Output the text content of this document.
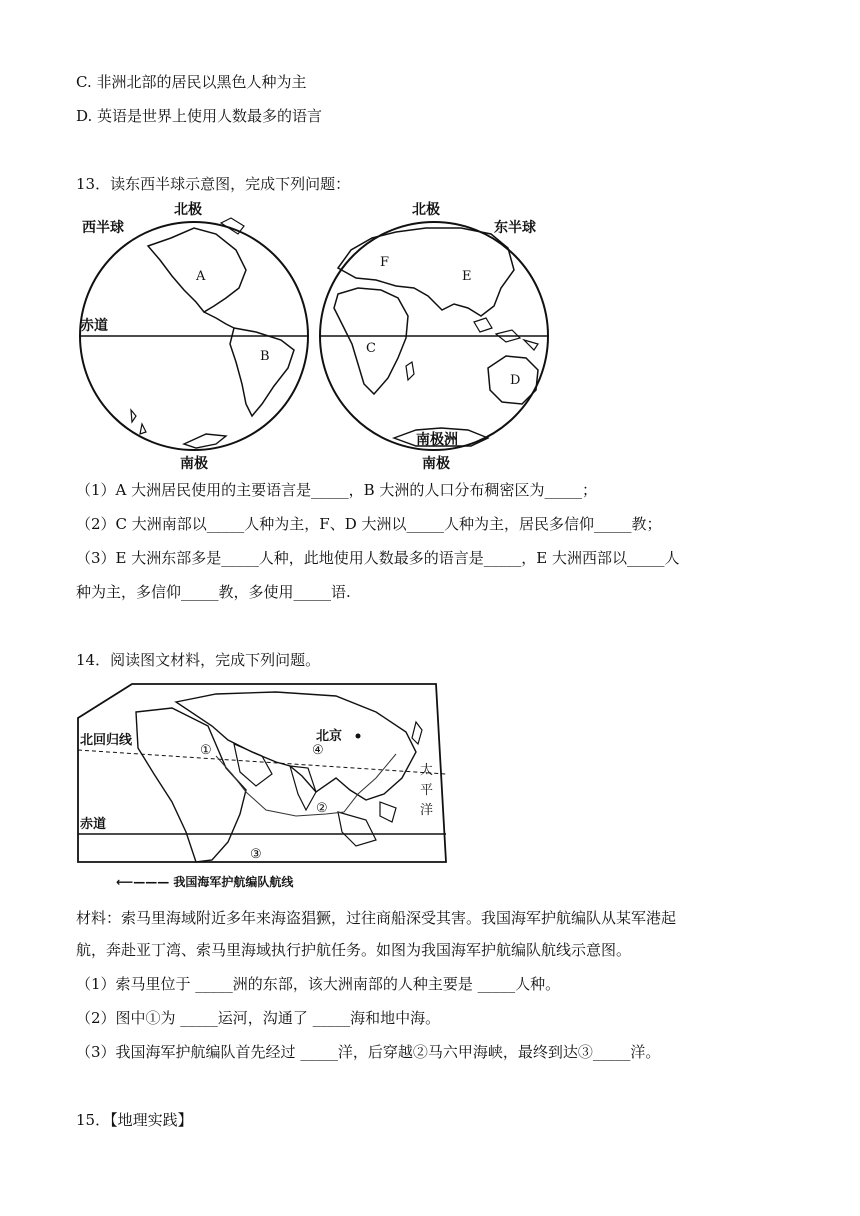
C. 非洲北部的居民以黑色人种为主
D. 英语是世界上使用人数最多的语言
13．读东西半球示意图，完成下列问题：
西半球
北极
南极
赤道
北极
东半球
南极
南极洲
A
B
C
D
E
F
（1）A 大洲居民使用的主要语言是_____，B 大洲的人口分布稠密区为_____；
（2）C 大洲南部以_____人种为主，F、D 大洲以_____人种为主，居民多信仰_____教；
（3）E 大洲东部多是_____人种，此地使用人数最多的语言是_____，E 大洲西部以_____人
种为主，多信仰_____教，多使用_____语.
14．阅读图文材料，完成下列问题。
北回归线
赤道
北京
太
平
洋
①
②
③
④
⟵——— 我国海军护航编队航线
材料：索马里海域附近多年来海盗猖獗，过往商船深受其害。我国海军护航编队从某军港起
航，奔赴亚丁湾、索马里海域执行护航任务。如图为我国海军护航编队航线示意图。
（1）索马里位于 _____洲的东部，该大洲南部的人种主要是 _____人种。
（2）图中①为 _____运河，沟通了 _____海和地中海。
（3）我国海军护航编队首先经过 _____洋，后穿越②马六甲海峡，最终到达③_____洋。
15．【地理实践】
